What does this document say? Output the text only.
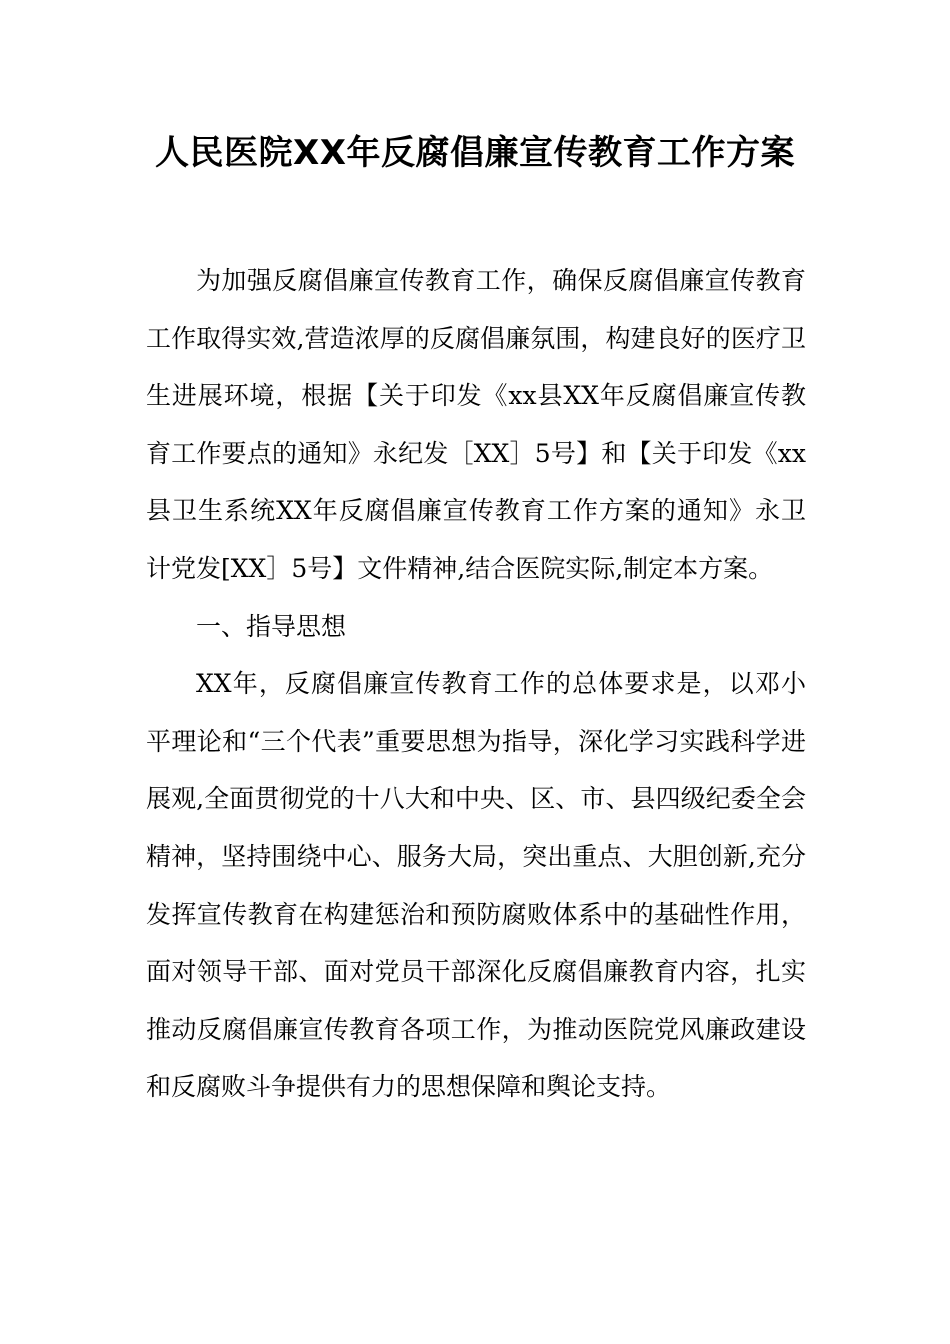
人民医院XX年反腐倡廉宣传教育工作方案

为加强反腐倡廉宣传教育工作，确保反腐倡廉宣传教育工作取得实效,营造浓厚的反腐倡廉氛围，构建良好的医疗卫生进展环境，根据【关于印发《xx县XX年反腐倡廉宣传教育工作要点的通知》永纪发［XX］5号】和【关于印发《xx县卫生系统XX年反腐倡廉宣传教育工作方案的通知》永卫计党发[XX］5号】文件精神,结合医院实际,制定本方案。

一、指导思想

XX年，反腐倡廉宣传教育工作的总体要求是，以邓小平理论和“三个代表”重要思想为指导，深化学习实践科学进展观,全面贯彻党的十八大和中央、区、市、县四级纪委全会精神，坚持围绕中心、服务大局，突出重点、大胆创新,充分发挥宣传教育在构建惩治和预防腐败体系中的基础性作用，面对领导干部、面对党员干部深化反腐倡廉教育内容，扎实推动反腐倡廉宣传教育各项工作，为推动医院党风廉政建设和反腐败斗争提供有力的思想保障和舆论支持。
